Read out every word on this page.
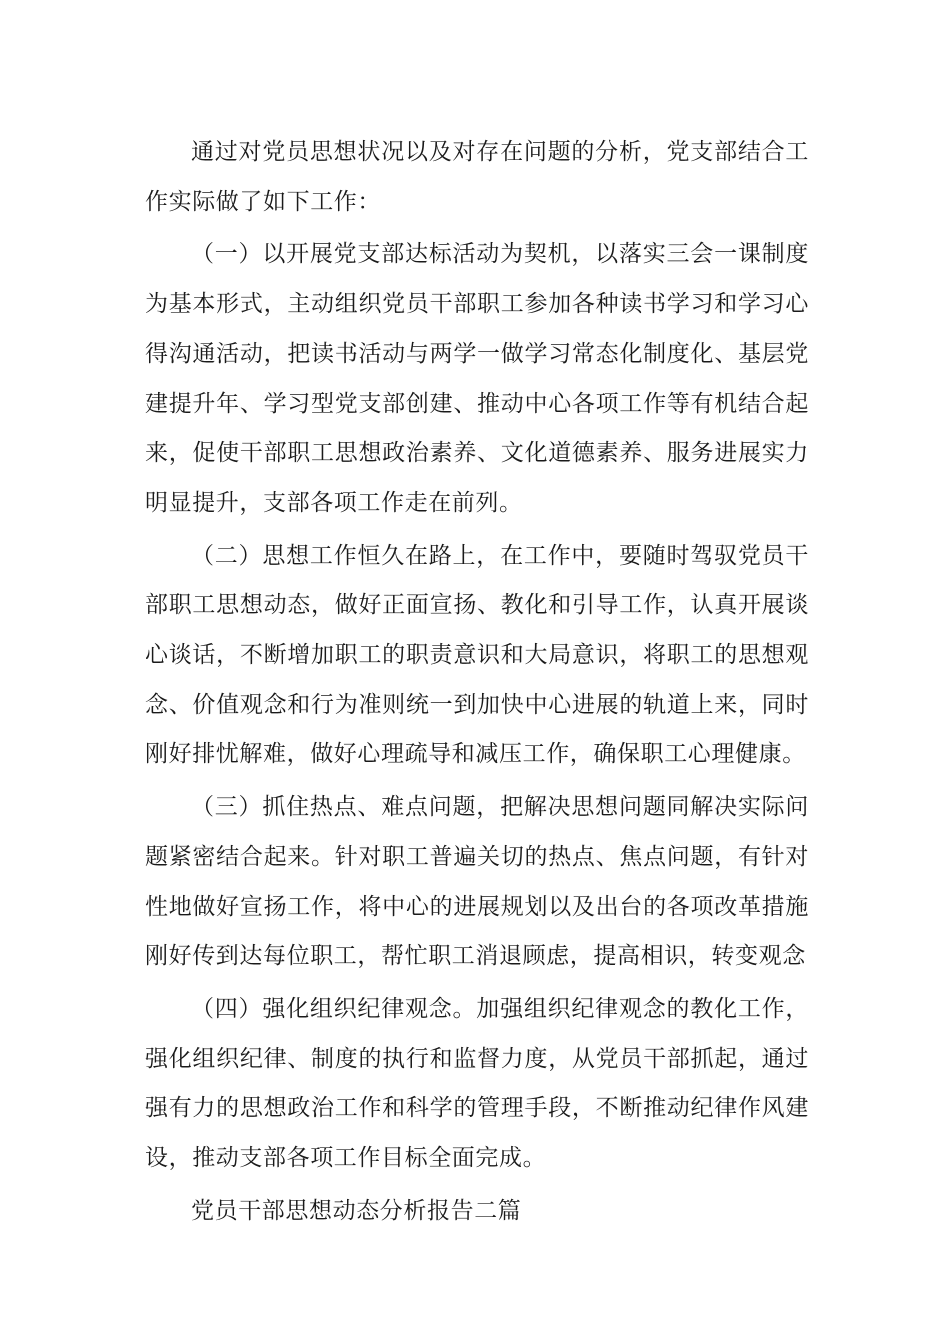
通过对党员思想状况以及对存在问题的分析，党支部结合工作实际做了如下工作：

（一）以开展党支部达标活动为契机，以落实三会一课制度为基本形式，主动组织党员干部职工参加各种读书学习和学习心得沟通活动，把读书活动与两学一做学习常态化制度化、基层党建提升年、学习型党支部创建、推动中心各项工作等有机结合起来，促使干部职工思想政治素养、文化道德素养、服务进展实力明显提升，支部各项工作走在前列。

（二）思想工作恒久在路上，在工作中，要随时驾驭党员干部职工思想动态，做好正面宣扬、教化和引导工作，认真开展谈心谈话，不断增加职工的职责意识和大局意识，将职工的思想观念、价值观念和行为准则统一到加快中心进展的轨道上来，同时刚好排忧解难，做好心理疏导和减压工作，确保职工心理健康。

（三）抓住热点、难点问题，把解决思想问题同解决实际问题紧密结合起来。针对职工普遍关切的热点、焦点问题，有针对性地做好宣扬工作，将中心的进展规划以及出台的各项改革措施刚好传到达每位职工，帮忙职工消退顾虑，提高相识，转变观念

（四）强化组织纪律观念。加强组织纪律观念的教化工作，强化组织纪律、制度的执行和监督力度，从党员干部抓起，通过强有力的思想政治工作和科学的管理手段，不断推动纪律作风建设，推动支部各项工作目标全面完成。

党员干部思想动态分析报告二篇
